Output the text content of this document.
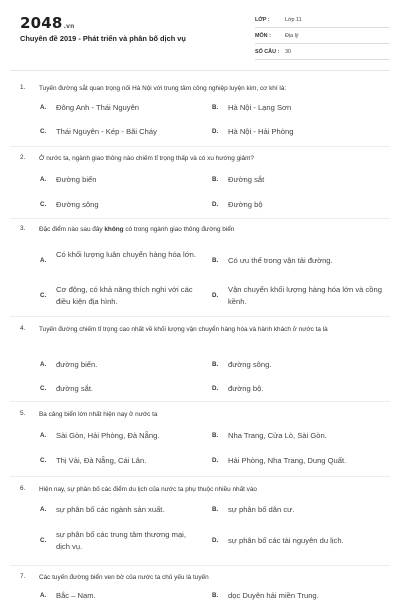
2048.vn
Chuyên đề 2019 - Phát triển và phân bố dịch vụ
LỚP :	Lớp 11
MÔN :	Địa lý
SỐ CÂU : 30
1. Tuyến đường sắt quan trọng nối Hà Nội với trung tâm công nghiệp luyện kim, cơ khí là:
A. Đông Anh - Thái Nguyên	B. Hà Nội - Lạng Sơn
C. Thái Nguyên - Kép - Bãi Cháy	D. Hà Nội - Hải Phòng
2. Ở nước ta, ngành giao thông nào chiếm tỉ trọng thấp và có xu hướng giảm?
A. Đường biển	B. Đường sắt
C. Đường sông	D. Đường bộ
3. Đặc điểm nào sau đây không có trong ngành giao thông đường biển
A.
Có khối lượng luân chuyển hàng hóa lớn.
B. Có ưu thế trong vận tải đường.
C.
Cơ động, có khả năng thích nghi với các điều kiện địa hình.
D.
Vận chuyển khối lượng hàng hóa lớn và cồng kềnh.
4. Tuyến đường chiếm tỉ trọng cao nhất về khối lượng vận chuyển hàng hóa và hành khách ở nước ta là
A. đường biển.	B. đường sông.
C. đường sắt.	D. đường bộ.
5. Ba cảng biển lớn nhất hiện nay ở nước ta
A. Sài Gòn, Hải Phòng, Đà Nẵng.	B. Nha Trang, Cửa Lò, Sài Gòn.
C. Thị Vải, Đà Nẵng, Cái Lân.	D. Hải Phòng, Nha Trang, Dung Quất.
6. Hiện nay, sự phân bố các điểm du lịch của nước ta phụ thuộc nhiều nhất vào
A. sự phân bố các ngành sản xuất.	B. sự phân bố dân cư.
C.
sự phân bố các trung tâm thương mại, dịch vụ.
D. sự phân bố các tài nguyên du lịch.
7. Các tuyến đường biển ven bờ của nước ta chủ yếu là tuyến
A. Bắc – Nam.	B. dọc Duyên hải miền Trung.
